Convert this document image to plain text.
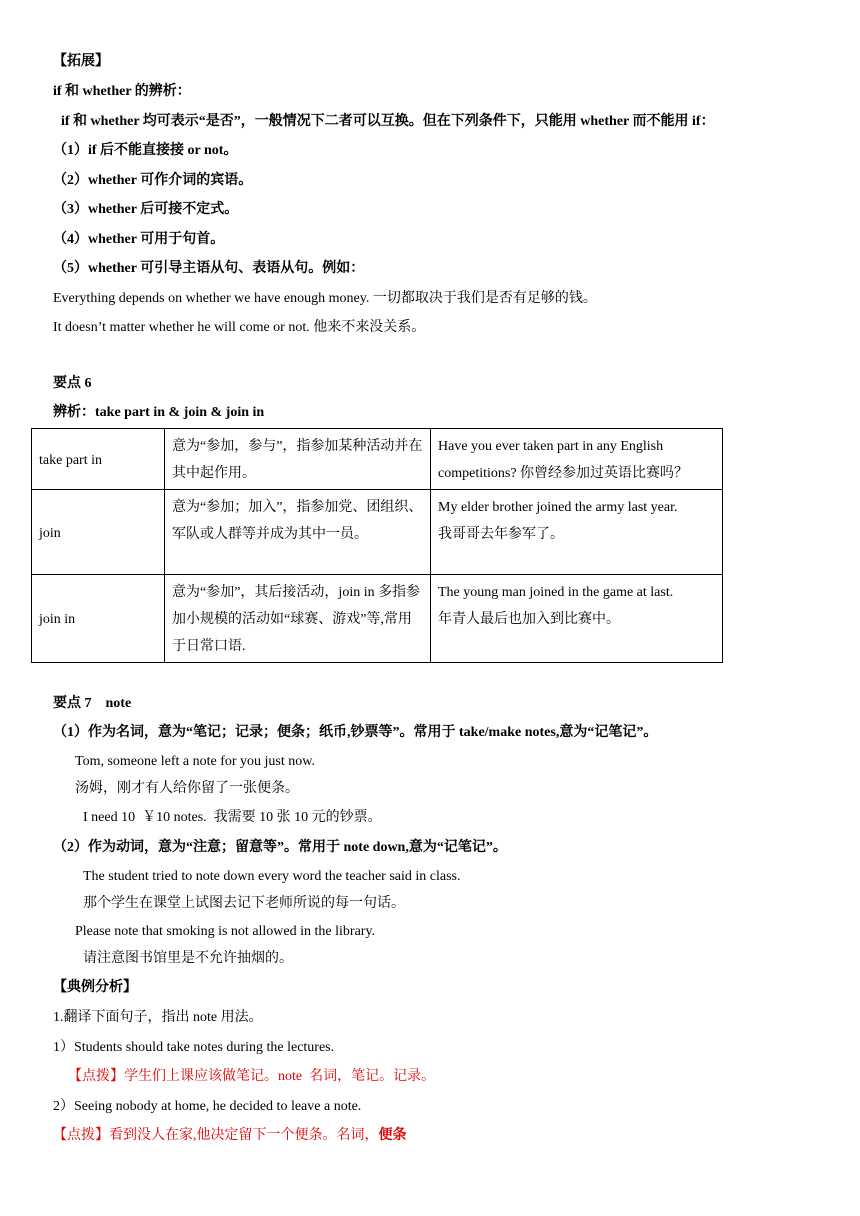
【拓展】
if 和 whether 的辨析：
if 和 whether 均可表示“是否”，一般情况下二者可以互换。但在下列条件下，只能用 whether 而不能用 if：
（1）if 后不能直接接 or not。
（2）whether 可作介词的宾语。
（3）whether 后可接不定式。
（4）whether 可用于句首。
（5）whether 可引导主语从句、表语从句。例如：
Everything depends on whether we have enough money. 一切都取决于我们是否有足够的钱。
It doesn’t matter whether he will come or not. 他来不来没关系。
要点 6
辨析：take part in & join & join in
take part in	意为“参加，参与”，指参加某种活动并在其中起作用。	Have you ever taken part in any English competitions? 你曾经参加过英语比赛吗？
join	意为“参加；加入”，指参加党、团组织、军队或人群等并成为其中一员。	My elder brother joined the army last year.
我哥哥去年参军了。

join in	意为“参加”，其后接活动，join in 多指参加小规模的活动如“球赛、游戏”等,常用于日常口语.	The young man joined in the game at last.
年青人最后也加入到比赛中。
要点 7    note
（1）作为名词，意为“笔记；记录；便条；纸币,钞票等”。常用于 take/make notes,意为“记笔记”。
Tom, someone left a note for you just now.
汤姆，刚才有人给你留了一张便条。
I need 10  ￥10 notes.  我需要 10 张 10 元的钞票。
（2）作为动词，意为“注意；留意等”。常用于 note down,意为“记笔记”。
The student tried to note down every word the teacher said in class.
那个学生在课堂上试图去记下老师所说的每一句话。
Please note that smoking is not allowed in the library.
请注意图书馆里是不允许抽烟的。
【典例分析】
1.翻译下面句子，指出 note 用法。
1）Students should take notes during the lectures.
【点拨】学生们上课应该做笔记。note  名词，笔记。记录。
2）Seeing nobody at home, he decided to leave a note.
【点拨】看到没人在家,他决定留下一个便条。名词，便条
